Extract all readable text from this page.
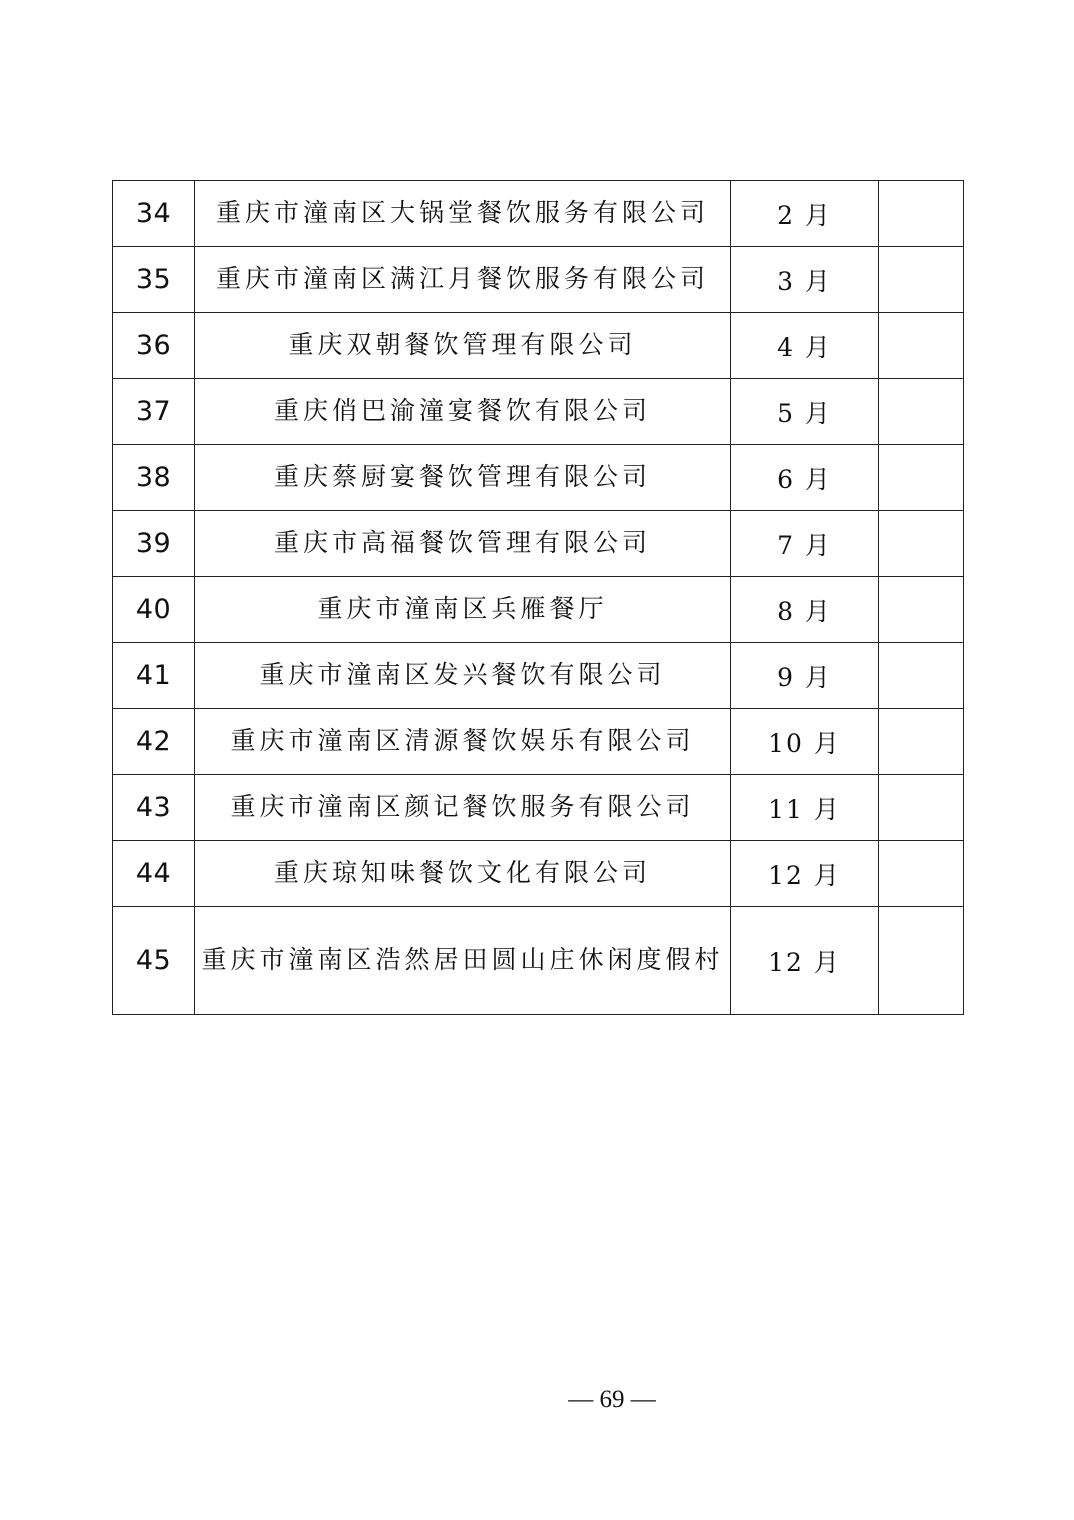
34	重庆市潼南区大锅堂餐饮服务有限公司	2 月	
35	重庆市潼南区满江月餐饮服务有限公司	3 月	
36	重庆双朝餐饮管理有限公司	4 月	
37	重庆俏巴渝潼宴餐饮有限公司	5 月	
38	重庆蔡厨宴餐饮管理有限公司	6 月	
39	重庆市高福餐饮管理有限公司	7 月	
40	重庆市潼南区兵雁餐厅	8 月	
41	重庆市潼南区发兴餐饮有限公司	9 月	
42	重庆市潼南区清源餐饮娱乐有限公司	10 月	
43	重庆市潼南区颜记餐饮服务有限公司	11 月	
44	重庆琼知味餐饮文化有限公司	12 月	
45	重庆市潼南区浩然居田圆山庄休闲度假村	12 月	
— 69 —
